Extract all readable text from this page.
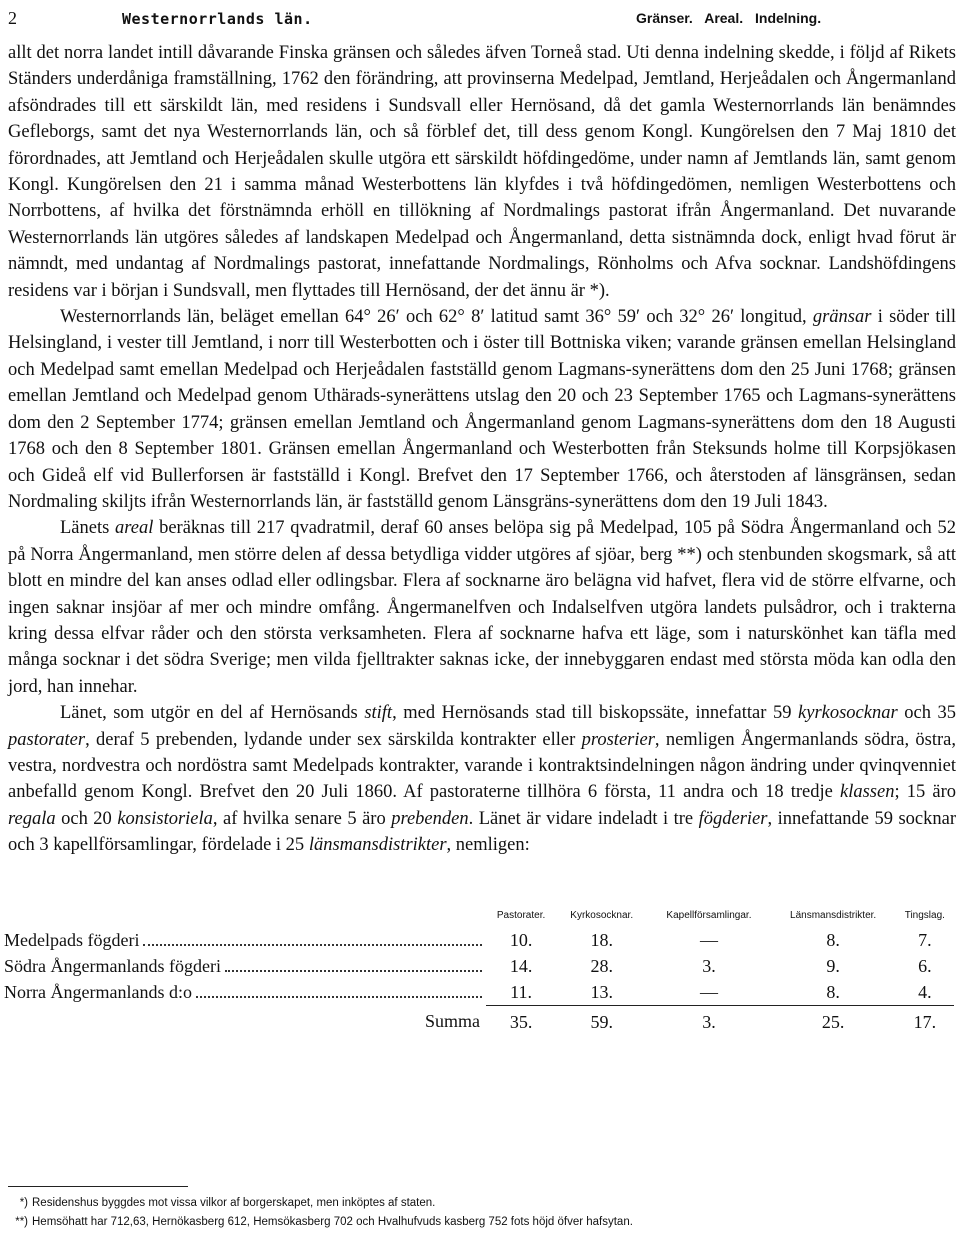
2	Westernorrlands län.	Gränser. Areal. Indelning.

allt det norra landet intill dåvarande Finska gränsen och således äfven Torneå stad. Uti denna indelning skedde, i följd af Rikets Ständers underdåniga framställning, 1762 den förändring, att provinserna Medelpad, Jemtland, Herjeådalen och Ångermanland afsöndrades till ett särskildt län, med residens i Sundsvall eller Hernösand, då det gamla Westernorrlands län benämndes Gefleborgs, samt det nya Westernorrlands län, och så förblef det, till dess genom Kongl. Kungörelsen den 7 Maj 1810 det förordnades, att Jemtland och Herjeådalen skulle utgöra ett särskildt höfdingedöme, under namn af Jemtlands län, samt genom Kongl. Kungörelsen den 21 i samma månad Westerbottens län klyfdes i två höfdingedömen, nemligen Westerbottens och Norrbottens, af hvilka det förstnämnda erhöll en tillökning af Nordmalings pastorat ifrån Ångermanland. Det nuvarande Westernorrlands län utgöres således af landskapen Medelpad och Ångermanland, detta sistnämnda dock, enligt hvad förut är nämndt, med undantag af Nordmalings pastorat, innefattande Nordmalings, Rönholms och Afva socknar. Landshöfdingens residens var i början i Sundsvall, men flyttades till Hernösand, der det ännu är *).

Westernorrlands län, beläget emellan 64° 26′ och 62° 8′ latitud samt 36° 59′ och 32° 26′ longitud, gränsar i söder till Helsingland, i vester till Jemtland, i norr till Westerbotten och i öster till Bottniska viken; varande gränsen emellan Helsingland och Medelpad samt emellan Medelpad och Herjeådalen fastställd genom Lagmans-synerättens dom den 25 Juni 1768; gränsen emellan Jemtland och Medelpad genom Uthärads-synerättens utslag den 20 och 23 September 1765 och Lagmans-synerättens dom den 2 September 1774; gränsen emellan Jemtland och Ångermanland genom Lagmans-synerättens dom den 18 Augusti 1768 och den 8 September 1801. Gränsen emellan Ångermanland och Westerbotten från Steksunds holme till Korpsjökasen och Gideå elf vid Bullerforsen är fastställd i Kongl. Brefvet den 17 September 1766, och återstoden af länsgränsen, sedan Nordmaling skiljts ifrån Westernorrlands län, är fastställd genom Länsgräns-synerättens dom den 19 Juli 1843.

Länets areal beräknas till 217 qvadratmil, deraf 60 anses belöpa sig på Medelpad, 105 på Södra Ångermanland och 52 på Norra Ångermanland, men större delen af dessa betydliga vidder utgöres af sjöar, berg **) och stenbunden skogsmark, så att blott en mindre del kan anses odlad eller odlingsbar. Flera af socknarne äro belägna vid hafvet, flera vid de större elfvarne, och ingen saknar insjöar af mer och mindre omfång. Ångermanelfven och Indalselfven utgöra landets pulsådror, och i trakterna kring dessa elfvar råder och den största verksamheten. Flera af socknarne hafva ett läge, som i naturskönhet kan täfla med många socknar i det södra Sverige; men vilda fjelltrakter saknas icke, der innebyggaren endast med största möda kan odla den jord, han innehar.

Länet, som utgör en del af Hernösands stift, med Hernösands stad till biskopssäte, innefattar 59 kyrkosocknar och 35 pastorater, deraf 5 prebenden, lydande under sex särskilda kontrakter eller prosterier, nemligen Ångermanlands södra, östra, vestra, nordvestra och nordöstra samt Medelpads kontrakter, varande i kontraktsindelningen någon ändring under qvinqvenniet anbefalld genom Kongl. Brefvet den 20 Juli 1860. Af pastoraterne tillhöra 6 första, 11 andra och 18 tredje klassen; 15 äro regala och 20 konsistoriela, af hvilka senare 5 äro prebenden. Länet är vidare indeladt i tre fögderier, innefattande 59 socknar och 3 kapellförsamlingar, fördelade i 25 länsmansdistrikter, nemligen:

	Pastorater.	Kyrkosocknar.	Kapellförsamlingar.	Länsmansdistrikter.	Tingslag.

Medelpads fögderi	10.	18.	—	8.	7.

Södra Ångermanlands fögderi	14.	28.	3.	9.	6.

Norra Ångermanlands d:o	11.	13.	—	8.	4.
Summa	35.	59.	3.	25.	17.
*) Residenshus byggdes mot vissa vilkor af borgerskapet, men inköptes af staten.
**) Hemsöhatt har 712,63, Hernökasberg 612, Hemsökasberg 702 och Hvalhufvuds kasberg 752 fots höjd öfver hafsytan.
